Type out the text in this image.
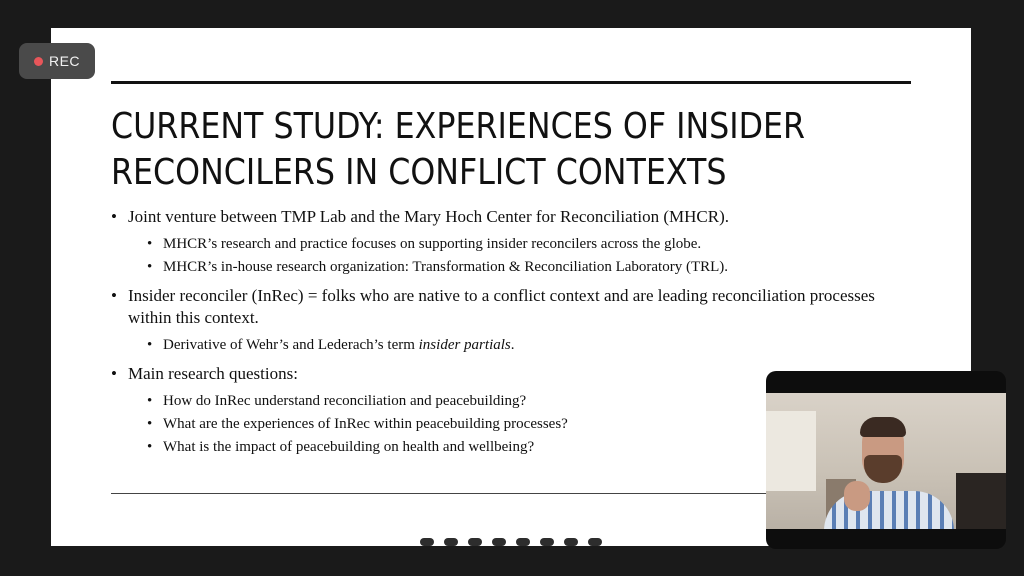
CURRENT STUDY: EXPERIENCES OF INSIDER
RECONCILERS IN CONFLICT CONTEXTS
• Joint venture between TMP Lab and the Mary Hoch Center for Reconciliation (MHCR).
• MHCR’s research and practice focuses on supporting insider reconcilers across the globe.
• MHCR’s in-house research organization: Transformation & Reconciliation Laboratory (TRL).
• Insider reconciler (InRec) = folks who are native to a conflict context and are leading reconciliation processes within this context.
• Derivative of Wehr’s and Lederach’s term insider partials.
• Main research questions:
• How do InRec understand reconciliation and peacebuilding?
• What are the experiences of InRec within peacebuilding processes?
• What is the impact of peacebuilding on health and wellbeing?
REC
